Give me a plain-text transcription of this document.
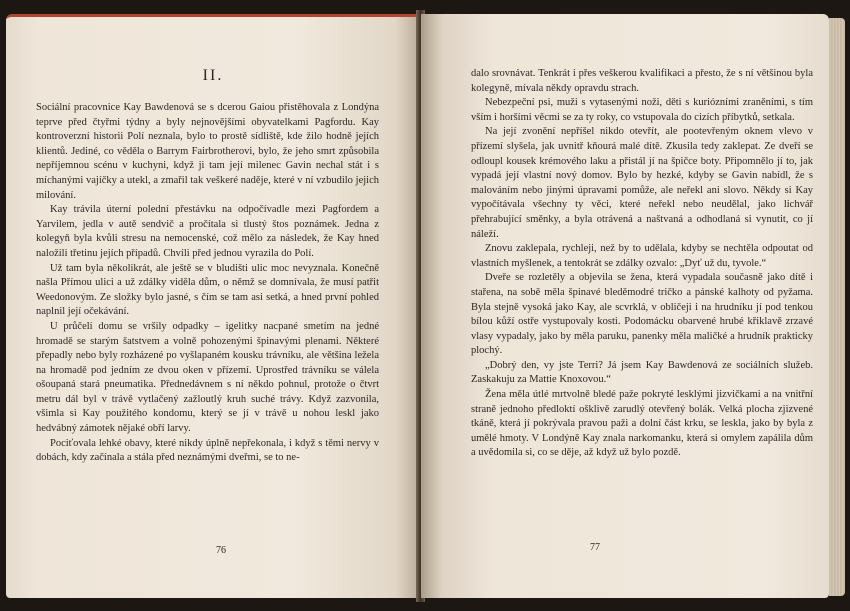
II.

Sociální pracovnice Kay Bawdenová se s dcerou Gaiou přistěhovala z Londýna teprve před čtyřmi týdny a byly nejnovějšími obyvatelkami Pagfordu. Kay kontroverzní historii Polí neznala, bylo to prostě sídliště, kde žilo hodně jejích klientů. Jediné, co věděla o Barrym Fairbrotherovi, bylo, že jeho smrt způsobila nepříjemnou scénu v kuchyni, když ji tam její milenec Gavin nechal stát i s míchanými vajíčky a utekl, a zmařil tak veškeré naděje, které v ní vzbudilo jejich milování.

Kay trávila úterní polední přestávku na odpočívadle mezi Pagfordem a Yarvilem, jedla v autě sendvič a pročítala si tlustý štos poznámek. Jedna z kolegyň byla kvůli stresu na nemocenské, což mělo za následek, že Kay hned naložili třetinu jejích případů. Chvíli před jednou vyrazila do Polí.

Už tam byla několikrát, ale ještě se v bludišti ulic moc nevyznala. Konečně našla Přímou ulici a už zdálky viděla dům, o němž se domnívala, že musí patřit Weedonovým. Ze složky bylo jasné, s čím se tam asi setká, a hned první pohled naplnil její očekávání.

U průčelí domu se vršily odpadky – igelitky nacpané smetím na jedné hromadě se starým šatstvem a volně pohozenými špinavými plenami. Některé přepadly nebo byly rozházené po vyšlapaném kousku trávníku, ale většina ležela na hromadě pod jedním ze dvou oken v přízemí. Uprostřed trávníku se válela ošoupaná stará pneumatika. Přednedávnem s ní někdo pohnul, protože o čtvrt metru dál byl v trávě vytlačený zažloutlý kruh suché trávy. Když zazvonila, všimla si Kay použitého kondomu, který se jí v trávě u nohou leskl jako hedvábný zámotek nějaké obří larvy.

Pociťovala lehké obavy, které nikdy úplně nepřekonala, i když s těmi nervy v dobách, kdy začínala a stála před neznámými dveřmi, se to ne-

76

dalo srovnávat. Tenkrát i přes veškerou kvalifikaci a přesto, že s ní většinou byla kolegyně, mívala někdy opravdu strach.

Nebezpeční psi, muži s vytasenými noži, děti s kuriózními zraněními, s tím vším i horšími věcmi se za ty roky, co vstupovala do cizích příbytků, setkala.

Na její zvonění nepříšel nikdo otevřít, ale pootevřeným oknem vlevo v přízemí slyšela, jak uvnitř kňourá malé dítě. Zkusila tedy zaklepat. Ze dveří se odloupl kousek krémového laku a přistál jí na špičce boty. Připomnělo jí to, jak vypadá její vlastní nový domov. Bylo by hezké, kdyby se Gavin nabídl, že s malováním nebo jinými úpravami pomůže, ale neřekl ani slovo. Někdy si Kay vypočítávala všechny ty věci, které neřekl nebo neudělal, jako lichvář přehrabující směnky, a byla otrávená a naštvaná a odhodlaná si vynutit, co jí náleží.

Znovu zaklepala, rychleji, než by to udělala, kdyby se nechtěla odpoutat od vlastních myšlenek, a tentokrát se zdálky ozvalo: „Dyť už du, tyvole.“

Dveře se rozletěly a objevila se žena, která vypadala současně jako dítě i stařena, na sobě měla špinavé bleděmodré tričko a pánské kalhoty od pyžama. Byla stejně vysoká jako Kay, ale scvrklá, v obličeji i na hrudníku jí pod tenkou bílou kůží ostře vystupovaly kosti. Podomácku obarvené hrubé křiklavě zrzavé vlasy vypadaly, jako by měla paruku, panenky měla maličké a hrudník prakticky plochý.

„Dobrý den, vy jste Terri? Já jsem Kay Bawdenová ze sociálních služeb. Zaskakuju za Mattie Knoxovou.“

Žena měla útlé mrtvolně bledé paže pokryté lesklými jizvičkami a na vnitřní straně jednoho předloktí ošklivě zarudlý otevřený bolák. Velká plocha zjizvené tkáně, která jí pokrývala pravou paži a dolní část krku, se leskla, jako by byla z umělé hmoty. V Londýně Kay znala narkomanku, která si omylem zapálila dům a uvědomila si, co se děje, až když už bylo pozdě.

77
